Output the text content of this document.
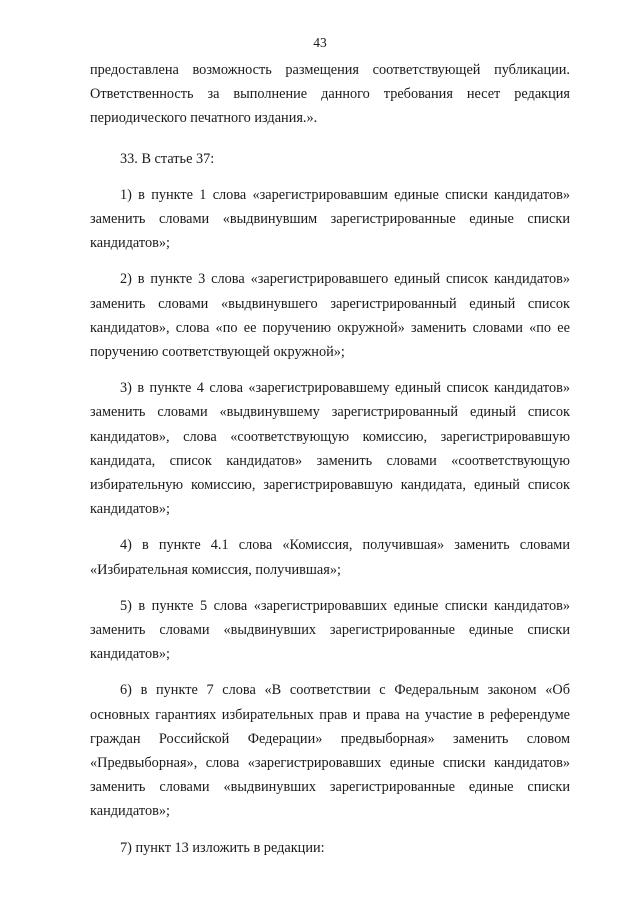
43

предоставлена возможность размещения соответствующей публикации. Ответственность за выполнение данного требования несет редакция периодического печатного издания.».

33. В статье 37:

1) в пункте 1 слова «зарегистрировавшим единые списки кандидатов» заменить словами «выдвинувшим зарегистрированные единые списки кандидатов»;

2) в пункте 3 слова «зарегистрировавшего единый список кандидатов» заменить словами «выдвинувшего зарегистрированный единый список кандидатов», слова «по ее поручению окружной» заменить словами «по ее поручению соответствующей окружной»;

3) в пункте 4 слова «зарегистрировавшему единый список кандидатов» заменить словами «выдвинувшему зарегистрированный единый список кандидатов», слова «соответствующую комиссию, зарегистрировавшую кандидата, список кандидатов» заменить словами «соответствующую избирательную комиссию, зарегистрировавшую кандидата, единый список кандидатов»;

4) в пункте 4.1 слова «Комиссия, получившая» заменить словами «Избирательная комиссия, получившая»;

5) в пункте 5 слова «зарегистрировавших единые списки кандидатов» заменить словами «выдвинувших зарегистрированные единые списки кандидатов»;

6) в пункте 7 слова «В соответствии с Федеральным законом «Об основных гарантиях избирательных прав и права на участие в референдуме граждан Российской Федерации» предвыборная» заменить словом «Предвыборная», слова «зарегистрировавших единые списки кандидатов» заменить словами «выдвинувших зарегистрированные единые списки кандидатов»;

7) пункт 13 изложить в редакции:
